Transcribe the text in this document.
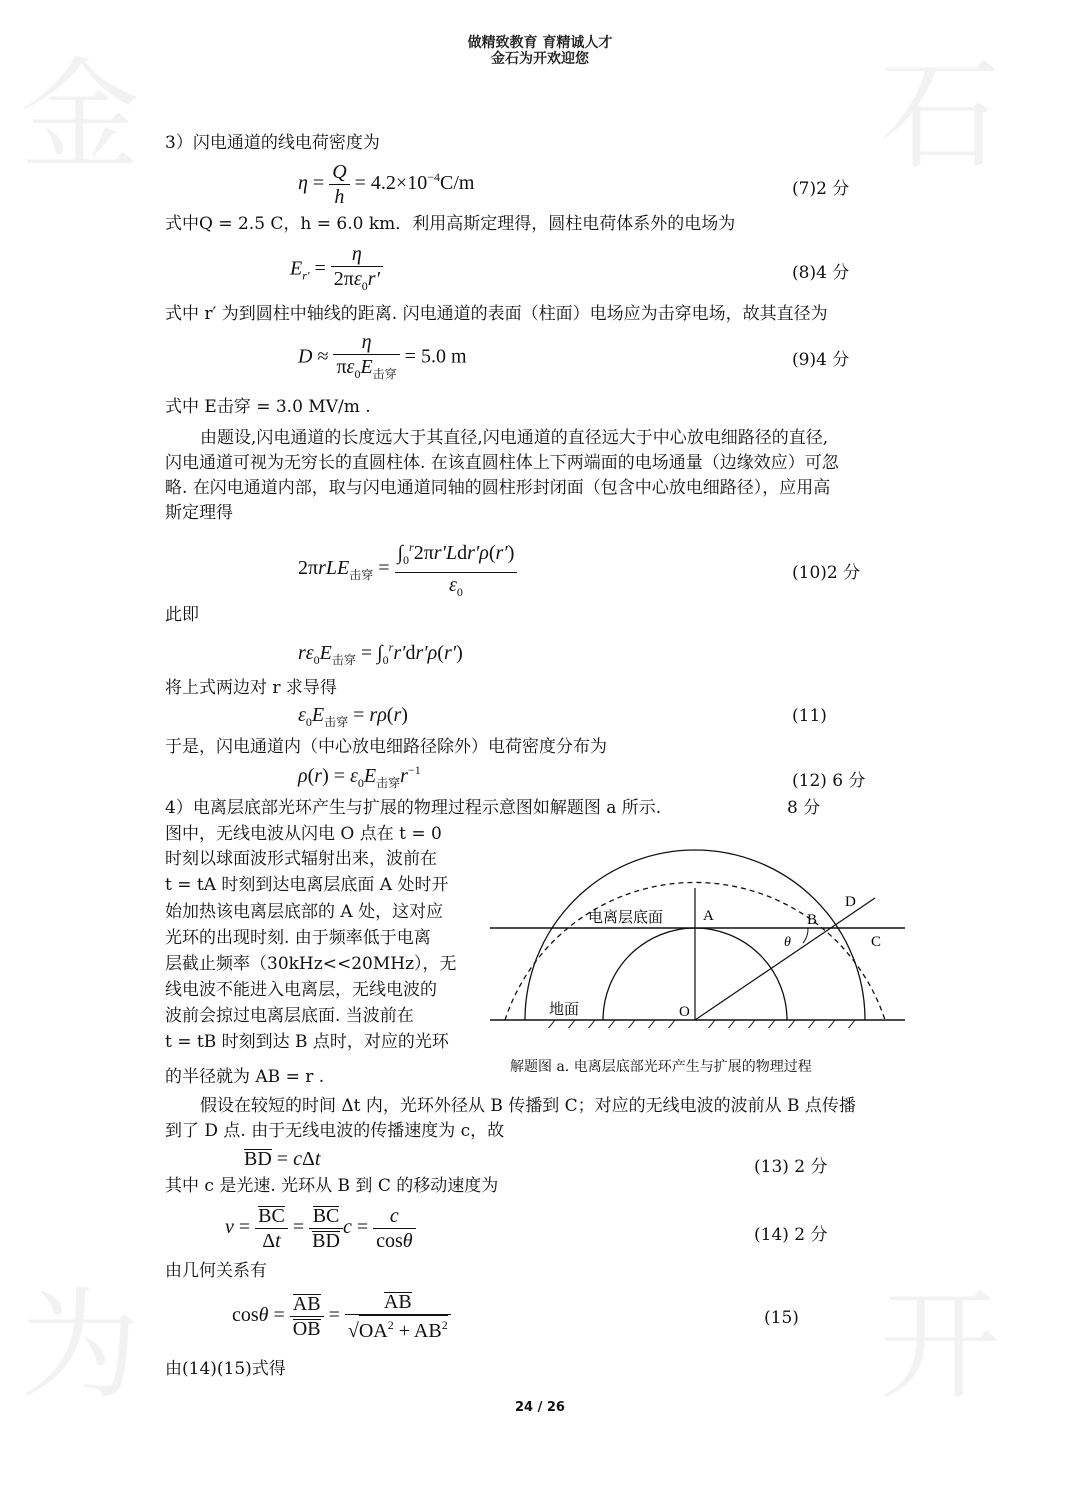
金	石
为	开
做精致教育 育精诚人才
金石为开欢迎您
3）闪电通道的线电荷密度为
$\eta = \frac{Q}{h} = 4.2\times 10^{-4}C/m$	(7)2 分
式中Q = 2.5 C，h = 6.0 km．利用高斯定理得，圆柱电荷体系外的电场为
$E_{r'} = \frac{\eta}{2\pi\varepsilon_0r'}$	(8)4 分
式中 r′ 为到圆柱中轴线的距离. 闪电通道的表面（柱面）电场应为击穿电场，故其直径为
$D \approx \frac{\eta}{\pi\varepsilon_0E_{击穿}} = 5.0$ m	(9)4 分
式中 E击穿 = 3.0 MV/m .
由题设,闪电通道的长度远大于其直径,闪电通道的直径远大于中心放电细路径的直径,
闪电通道可视为无穷长的直圆柱体. 在该直圆柱体上下两端面的电场通量（边缘效应）可忽
略. 在闪电通道内部，取与闪电通道同轴的圆柱形封闭面（包含中心放电细路径），应用高
斯定理得
$2\pi rLE_{击穿} = \frac{\int_0^r2\pi r'Ldr'\rho(r')}{\varepsilon_0}$	(10)2 分
此即
$r\varepsilon_0E_{击穿} = \int_0^rr'dr'\rho(r')$
将上式两边对 r 求导得
$\varepsilon_0E_{击穿} = r\rho(r)$	(11)
于是，闪电通道内（中心放电细路径除外）电荷密度分布为
$\rho(r) = \varepsilon_0E_{击穿}r^{-1}$
(12) 6 分
4）电离层底部光环产生与扩展的物理过程示意图如解题图 a 所示.	8 分
图中，无线电波从闪电 O 点在 t = 0
时刻以球面波形式辐射出来，波前在
t = tA 时刻到达电离层底面 A 处时开
始加热该电离层底部的 A 处，这对应
光环的出现时刻. 由于频率低于电离
层截止频率（30kHz<<20MHz），无
线电波不能进入电离层，无线电波的
波前会掠过电离层底面. 当波前在
t = tB 时刻到达 B 点时，对应的光环
的半径就为 AB = r .
电离层底面
地面
A	B
C
D
O
θ
解题图 a. 电离层底部光环产生与扩展的物理过程
假设在较短的时间 Δt 内，光环外径从 B 传播到 C；对应的无线电波的波前从 B 点传播
到了 D 点. 由于无线电波的传播速度为 c，故
BD = cΔt	(13) 2 分
其中 c 是光速. 光环从 B 到 C 的移动速度为
$v = \frac{BC}{\Delta t} = \frac{BC}{BD}$ $c = \frac{c}{\cos\theta}$	(14) 2 分
由几何关系有
$\cos\theta = \frac{AB}{OB} = \frac{AB}{√OA^2 + AB^2}$	(15)
由(14)(15)式得
24 / 26
